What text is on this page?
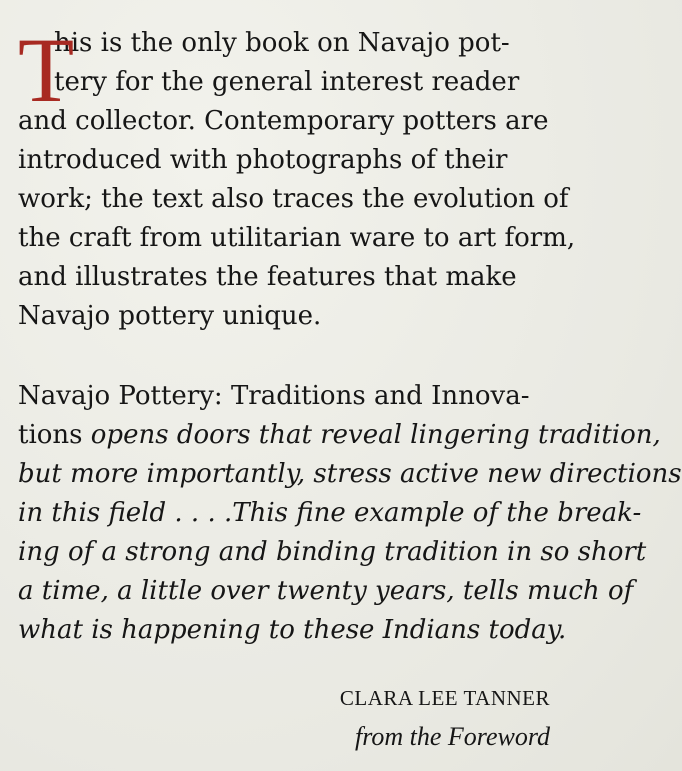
T
his is the only book on Navajo pot-
tery for the general interest reader
and collector. Contemporary potters are
introduced with photographs of their
work; the text also traces the evolution of
the craft from utilitarian ware to art form,
and illustrates the features that make
Navajo pottery unique.
Navajo Pottery: Traditions and Innova-
tions opens doors that reveal lingering tradition,
but more importantly, stress active new directions
in this field . . . .This fine example of the break-
ing of a strong and binding tradition in so short
a time, a little over twenty years, tells much of
what is happening to these Indians today.
CLARA LEE TANNER
from the Foreword
